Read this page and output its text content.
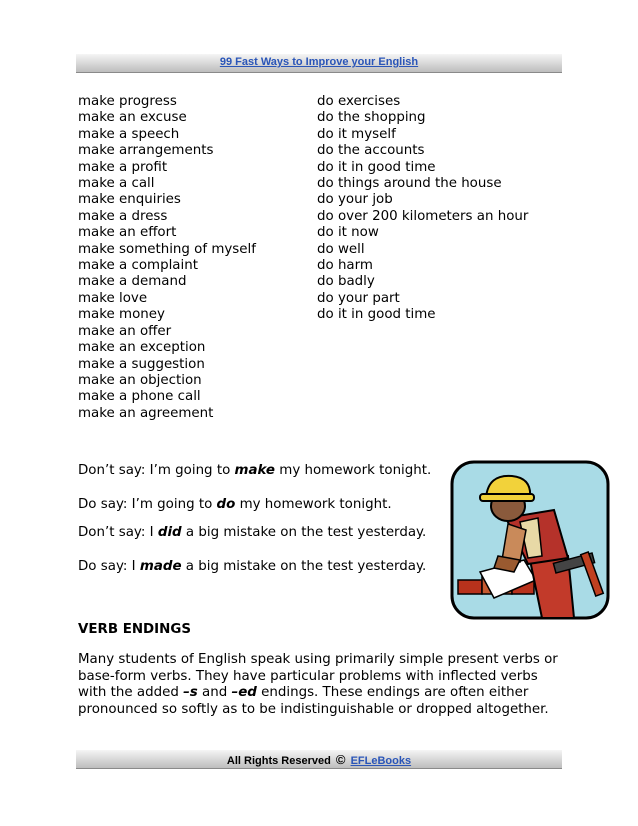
99 Fast Ways to Improve your English
make progress
make an excuse
make a speech
make arrangements
make a profit
make a call
make enquiries
make a dress
make an effort
make something of myself
make a complaint
make a demand
make love
make money
make an offer
make an exception
make a suggestion
make an objection
make a phone call
make an agreement
do exercises
do the shopping
do it myself
do the accounts
do it in good time
do things around the house
do your job
do over 200 kilometers an hour
do it now
do well
do harm
do badly
do your part
do it in good time
Don’t say: I’m going to make my homework tonight.
Do say: I’m going to do my homework tonight.
Don’t say: I did a big mistake on the test yesterday.
Do say: I made a big mistake on the test yesterday.
VERB ENDINGS
Many students of English speak using primarily simple present verbs or base-form verbs. They have particular problems with inflected verbs with the added –s and –ed endings. These endings are often either pronounced so softly as to be indistinguishable or dropped altogether.
All Rights Reserved © EFLeBooks
